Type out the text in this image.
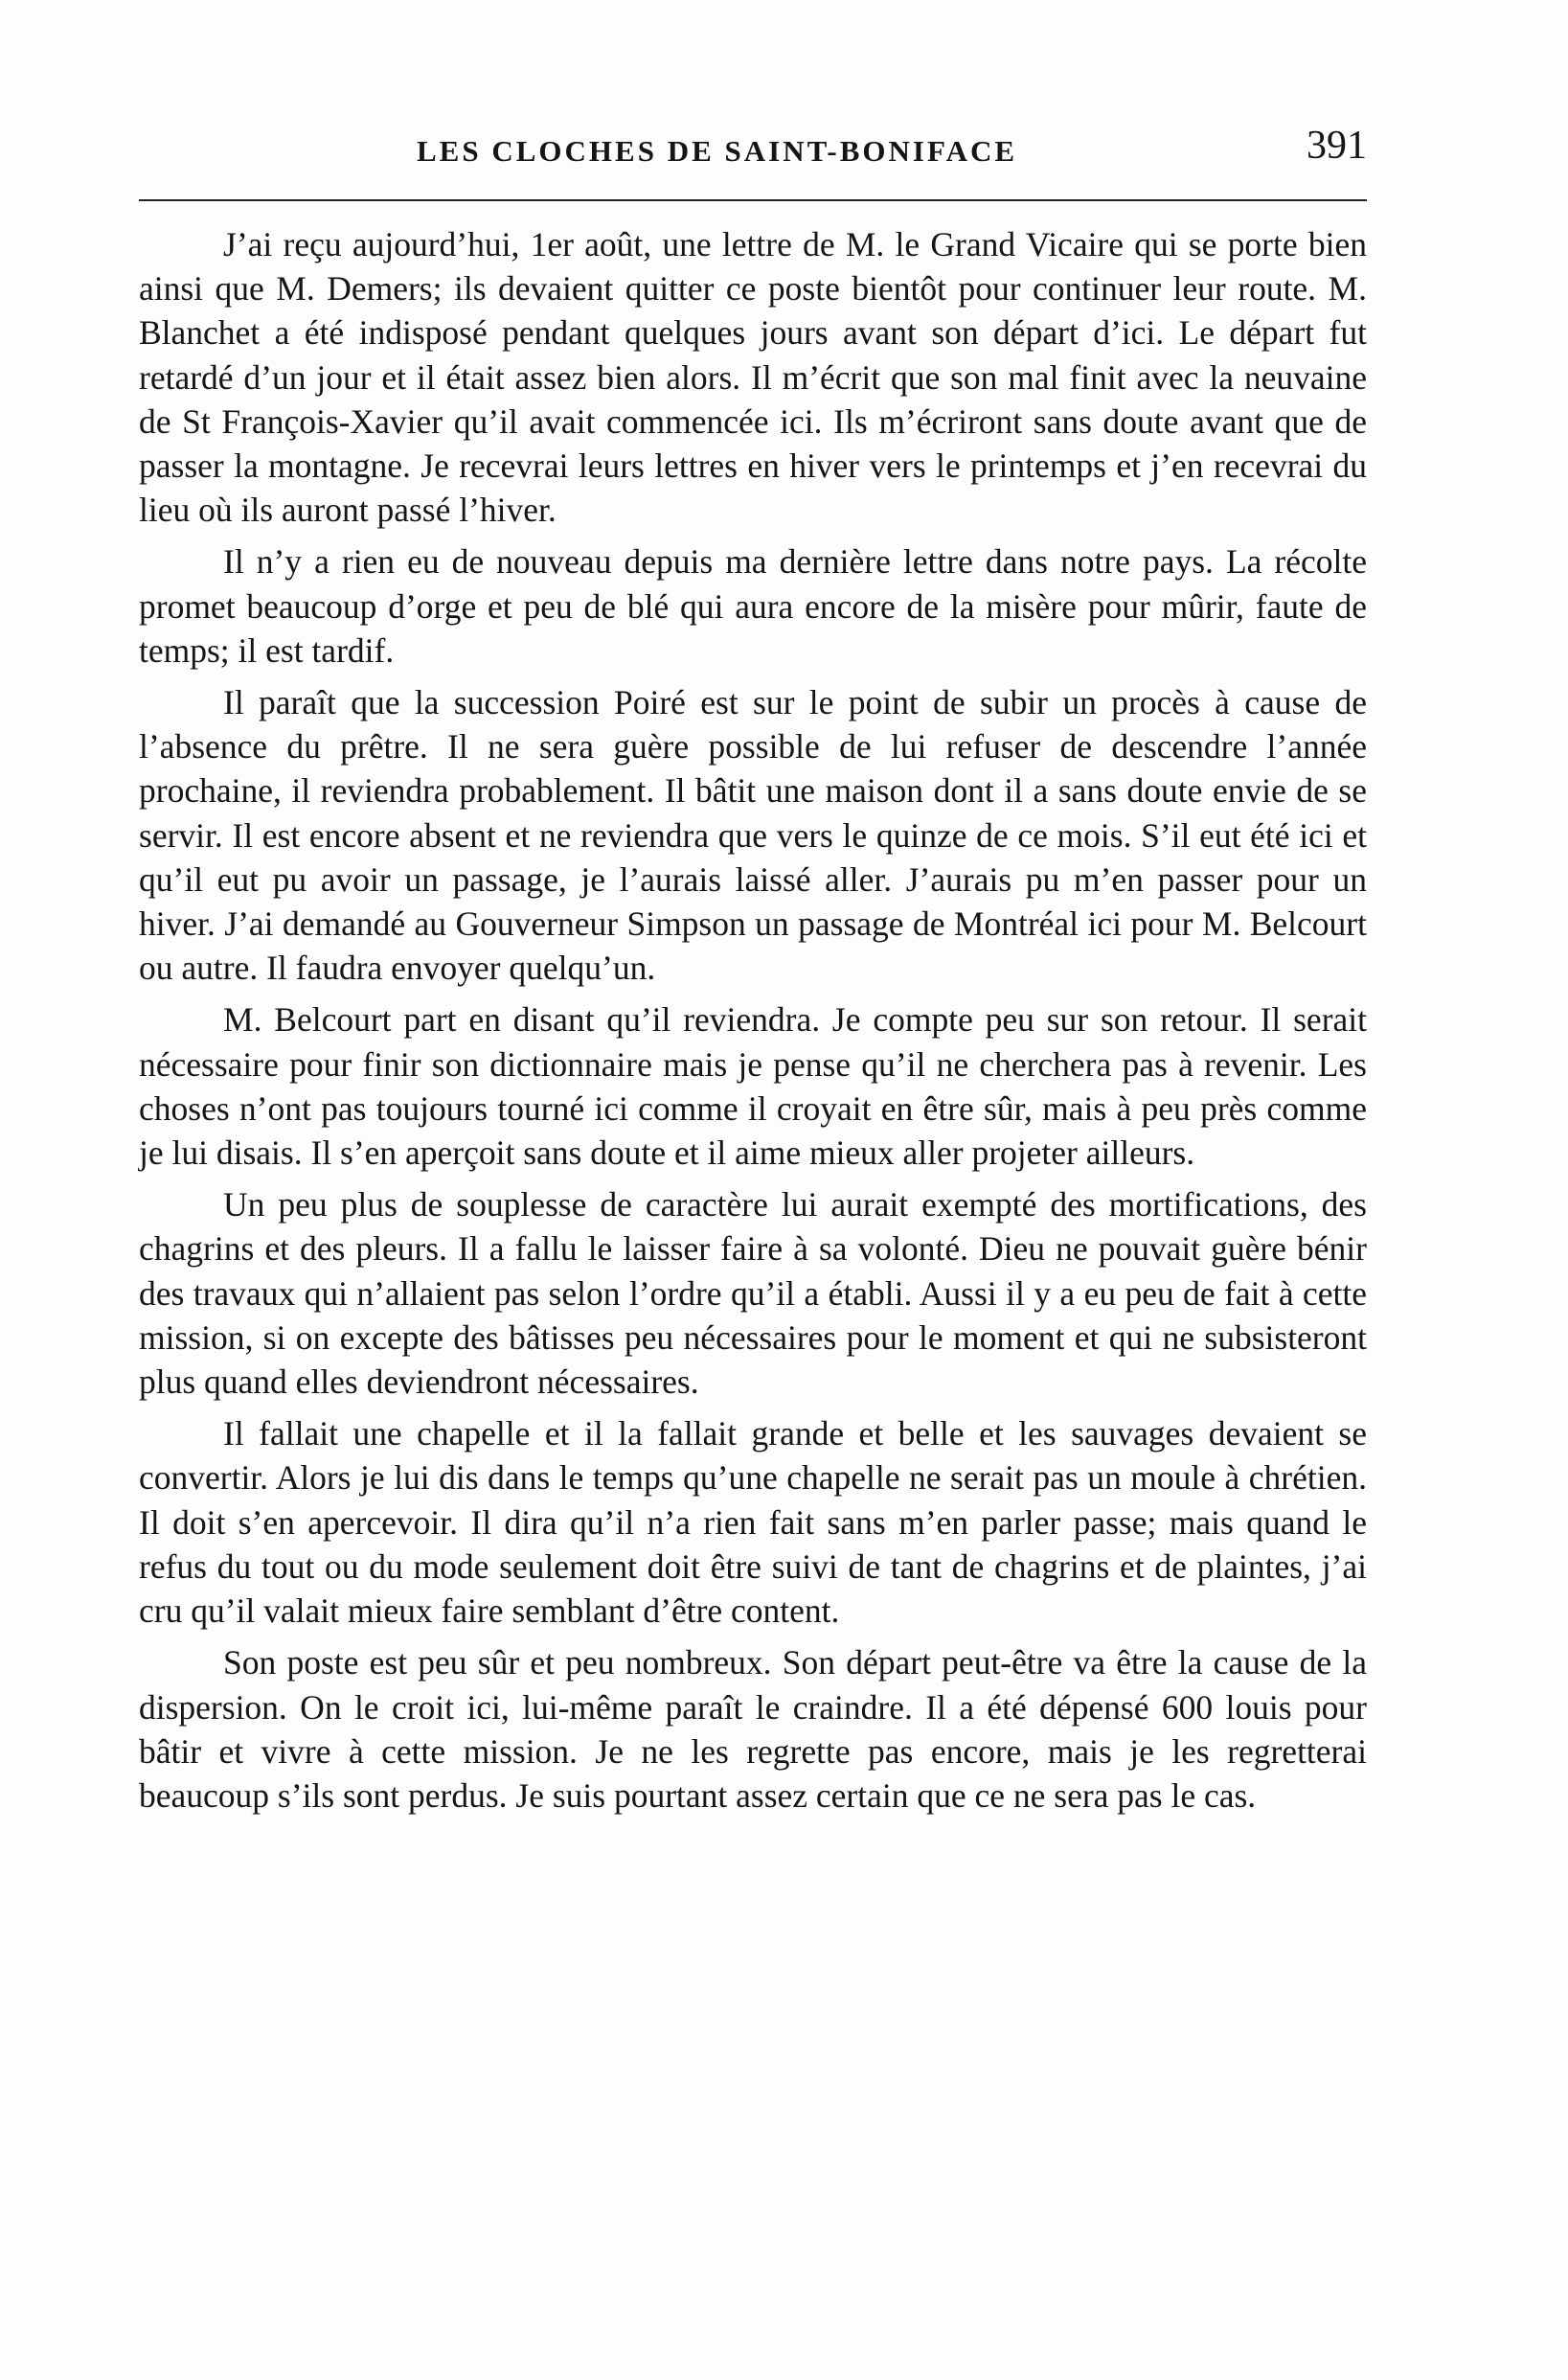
LES CLOCHES DE SAINT-BONIFACE	391

J’ai reçu aujourd’hui, 1er août, une lettre de M. le Grand Vicaire qui se porte bien ainsi que M. Demers; ils devaient quitter ce poste bientôt pour continuer leur route. M. Blanchet a été indisposé pendant quelques jours avant son départ d’ici. Le départ fut retardé d’un jour et il était assez bien alors. Il m’écrit que son mal finit avec la neuvaine de St François-Xavier qu’il avait commencée ici. Ils m’écriront sans doute avant que de passer la montagne. Je recevrai leurs lettres en hiver vers le printemps et j’en recevrai du lieu où ils auront passé l’hiver.

Il n’y a rien eu de nouveau depuis ma dernière lettre dans notre pays. La récolte promet beaucoup d’orge et peu de blé qui aura encore de la misère pour mûrir, faute de temps; il est tardif.

Il paraît que la succession Poiré est sur le point de subir un procès à cause de l’absence du prêtre. Il ne sera guère possible de lui refuser de descendre l’année prochaine, il reviendra probablement. Il bâtit une maison dont il a sans doute envie de se servir. Il est encore absent et ne reviendra que vers le quinze de ce mois. S’il eut été ici et qu’il eut pu avoir un passage, je l’aurais laissé aller. J’aurais pu m’en passer pour un hiver. J’ai demandé au Gouverneur Simpson un passage de Montréal ici pour M. Belcourt ou autre. Il faudra envoyer quelqu’un.

M. Belcourt part en disant qu’il reviendra. Je compte peu sur son retour. Il serait nécessaire pour finir son dictionnaire mais je pense qu’il ne cherchera pas à revenir. Les choses n’ont pas toujours tourné ici comme il croyait en être sûr, mais à peu près comme je lui disais. Il s’en aperçoit sans doute et il aime mieux aller projeter ailleurs.

Un peu plus de souplesse de caractère lui aurait exempté des mortifications, des chagrins et des pleurs. Il a fallu le laisser faire à sa volonté. Dieu ne pouvait guère bénir des travaux qui n’allaient pas selon l’ordre qu’il a établi. Aussi il y a eu peu de fait à cette mission, si on excepte des bâtisses peu nécessaires pour le moment et qui ne subsisteront plus quand elles deviendront nécessaires.

Il fallait une chapelle et il la fallait grande et belle et les sauvages devaient se convertir. Alors je lui dis dans le temps qu’une chapelle ne serait pas un moule à chrétien. Il doit s’en apercevoir. Il dira qu’il n’a rien fait sans m’en parler passe; mais quand le refus du tout ou du mode seulement doit être suivi de tant de chagrins et de plaintes, j’ai cru qu’il valait mieux faire semblant d’être content.

Son poste est peu sûr et peu nombreux. Son départ peut-être va être la cause de la dispersion. On le croit ici, lui-même paraît le craindre. Il a été dépensé 600 louis pour bâtir et vivre à cette mission. Je ne les regrette pas encore, mais je les regretterai beaucoup s’ils sont perdus. Je suis pourtant assez certain que ce ne sera pas le cas.
